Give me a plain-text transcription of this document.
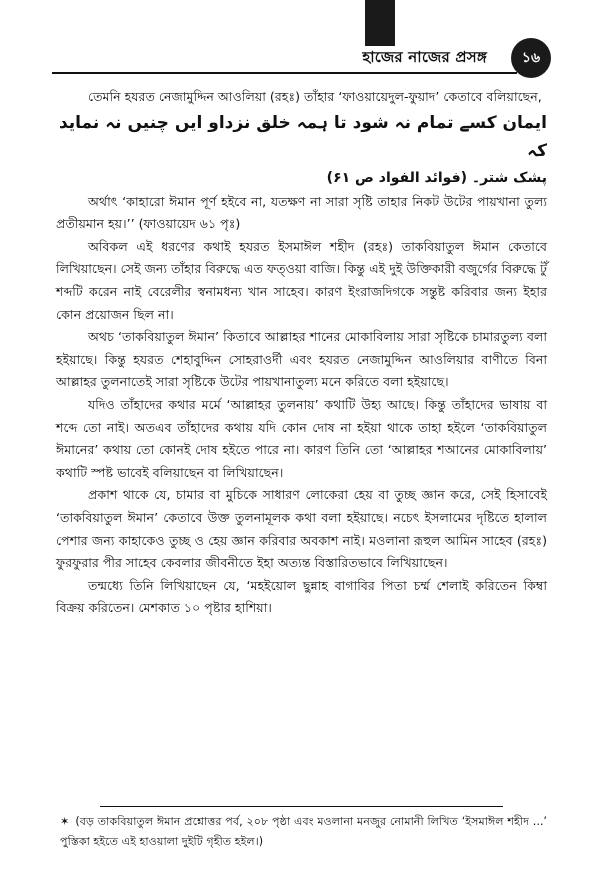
হাজের নাজের প্রসঙ্গ	১৬

তেমনি হযরত নেজামুদ্দিন আওলিয়া (রহঃ) তাঁহার ‘ফাওয়ায়েদুল-ফুয়াদ’ কেতাবে বলিয়াছেন,

ایمان کسے تمام نہ شود تا ہمہ خلق نزداو ایں چنیں نہ نماید کہ

پشک شتر۔ (فوائد الفواد ص ۶۱)

অর্থাৎ ‘কাহারো ঈমান পূর্ণ হইবে না, যতক্ষণ না সারা সৃষ্টি তাহার নিকট উটের পায়খানা তুল্য প্রতীয়মান হয়।’’ (ফাওয়ায়েদ ৬১ পৃঃ)

অবিকল এই ধরণের কথাই হযরত ইসমাঈল শহীদ (রহঃ) তাকবিয়াতুল ঈমান কেতাবে লিখিয়াছেন। সেই জন্য তাঁহার বিরুদ্ধে এত ফত্‌ওয়া বাজি। কিন্তু এই দুই উক্তিকারী বজুর্গের বিরুদ্ধে টুঁ শব্দটি করেন নাই বেরেলীর স্বনামধন্য খান সাহেব। কারণ ইংরাজদিগকে সন্তুষ্ট করিবার জন্য ইহার কোন প্রয়োজন ছিল না।

অথচ ‘তাকবিয়াতুল ঈমান’ কিতাবে আল্লাহর শানের মোকাবিলায় সারা সৃষ্টিকে চামারতুল্য বলা হইয়াছে। কিন্তু হযরত শেহাবুদ্দিন সোহরাওর্দী এবং হযরত নেজামুদ্দিন আওলিয়ার বাণীতে বিনা আল্লাহর তুলনাতেই সারা সৃষ্টিকে উটের পায়খানাতুল্য মনে করিতে বলা হইয়াছে।

যদিও তাঁহাদের কথার মর্মে ‘আল্লাহর তুলনায়’ কথাটি উহ্য আছে। কিন্তু তাঁহাদের ভাষায় বা শব্দে তো নাই। অতএব তাঁহাদের কথায় যদি কোন দোষ না হইয়া থাকে তাহা হইলে ‘তাকবিয়াতুল ঈমানের’ কথায় তো কোনই দোষ হইতে পারে না। কারণ তিনি তো ‘আল্লাহর শআনের মোকাবিলায়’ কথাটি স্পষ্ট ভাবেই বলিয়াছেন বা লিখিয়াছেন।

প্রকাশ থাকে যে, চামার বা মুচিকে সাধারণ লোকেরা হেয় বা তুচ্ছ জ্ঞান করে, সেই হিসাবেই ‘তাকবিয়াতুল ঈমান’ কেতাবে উক্ত তুলনামূলক কথা বলা হইয়াছে। নচেৎ ইসলামের দৃষ্টিতে হালাল পেশার জন্য কাহাকেও তুচ্ছ ও হেয় জ্ঞান করিবার অবকাশ নাই। মওলানা রূহুল আমিন সাহেব (রহঃ) ফুরফুরার পীর সাহেব কেবলার জীবনীতে ইহা অত্যন্ত বিস্তারিতভাবে লিখিয়াছেন।

তন্মধ্যে তিনি লিখিয়াছেন যে, ‘মহইয়োল ছুন্নাহ বাগাবির পিতা চর্ম্ম শেলাই করিতেন কিম্বা বিক্রয় করিতেন। মেশকাত ১০ পৃষ্টার হাশিয়া।

✶ (বড় তাকবিয়াতুল ঈমান প্রশ্নোত্তর পর্ব, ২০৮ পৃষ্ঠা এবং মওলানা মনজুর নোমানী লিখিত ‘ইসমাঈল শহীদ ...’ পুস্তিকা হইতে এই হাওয়ালা দুইটি গৃহীত হইল।)
